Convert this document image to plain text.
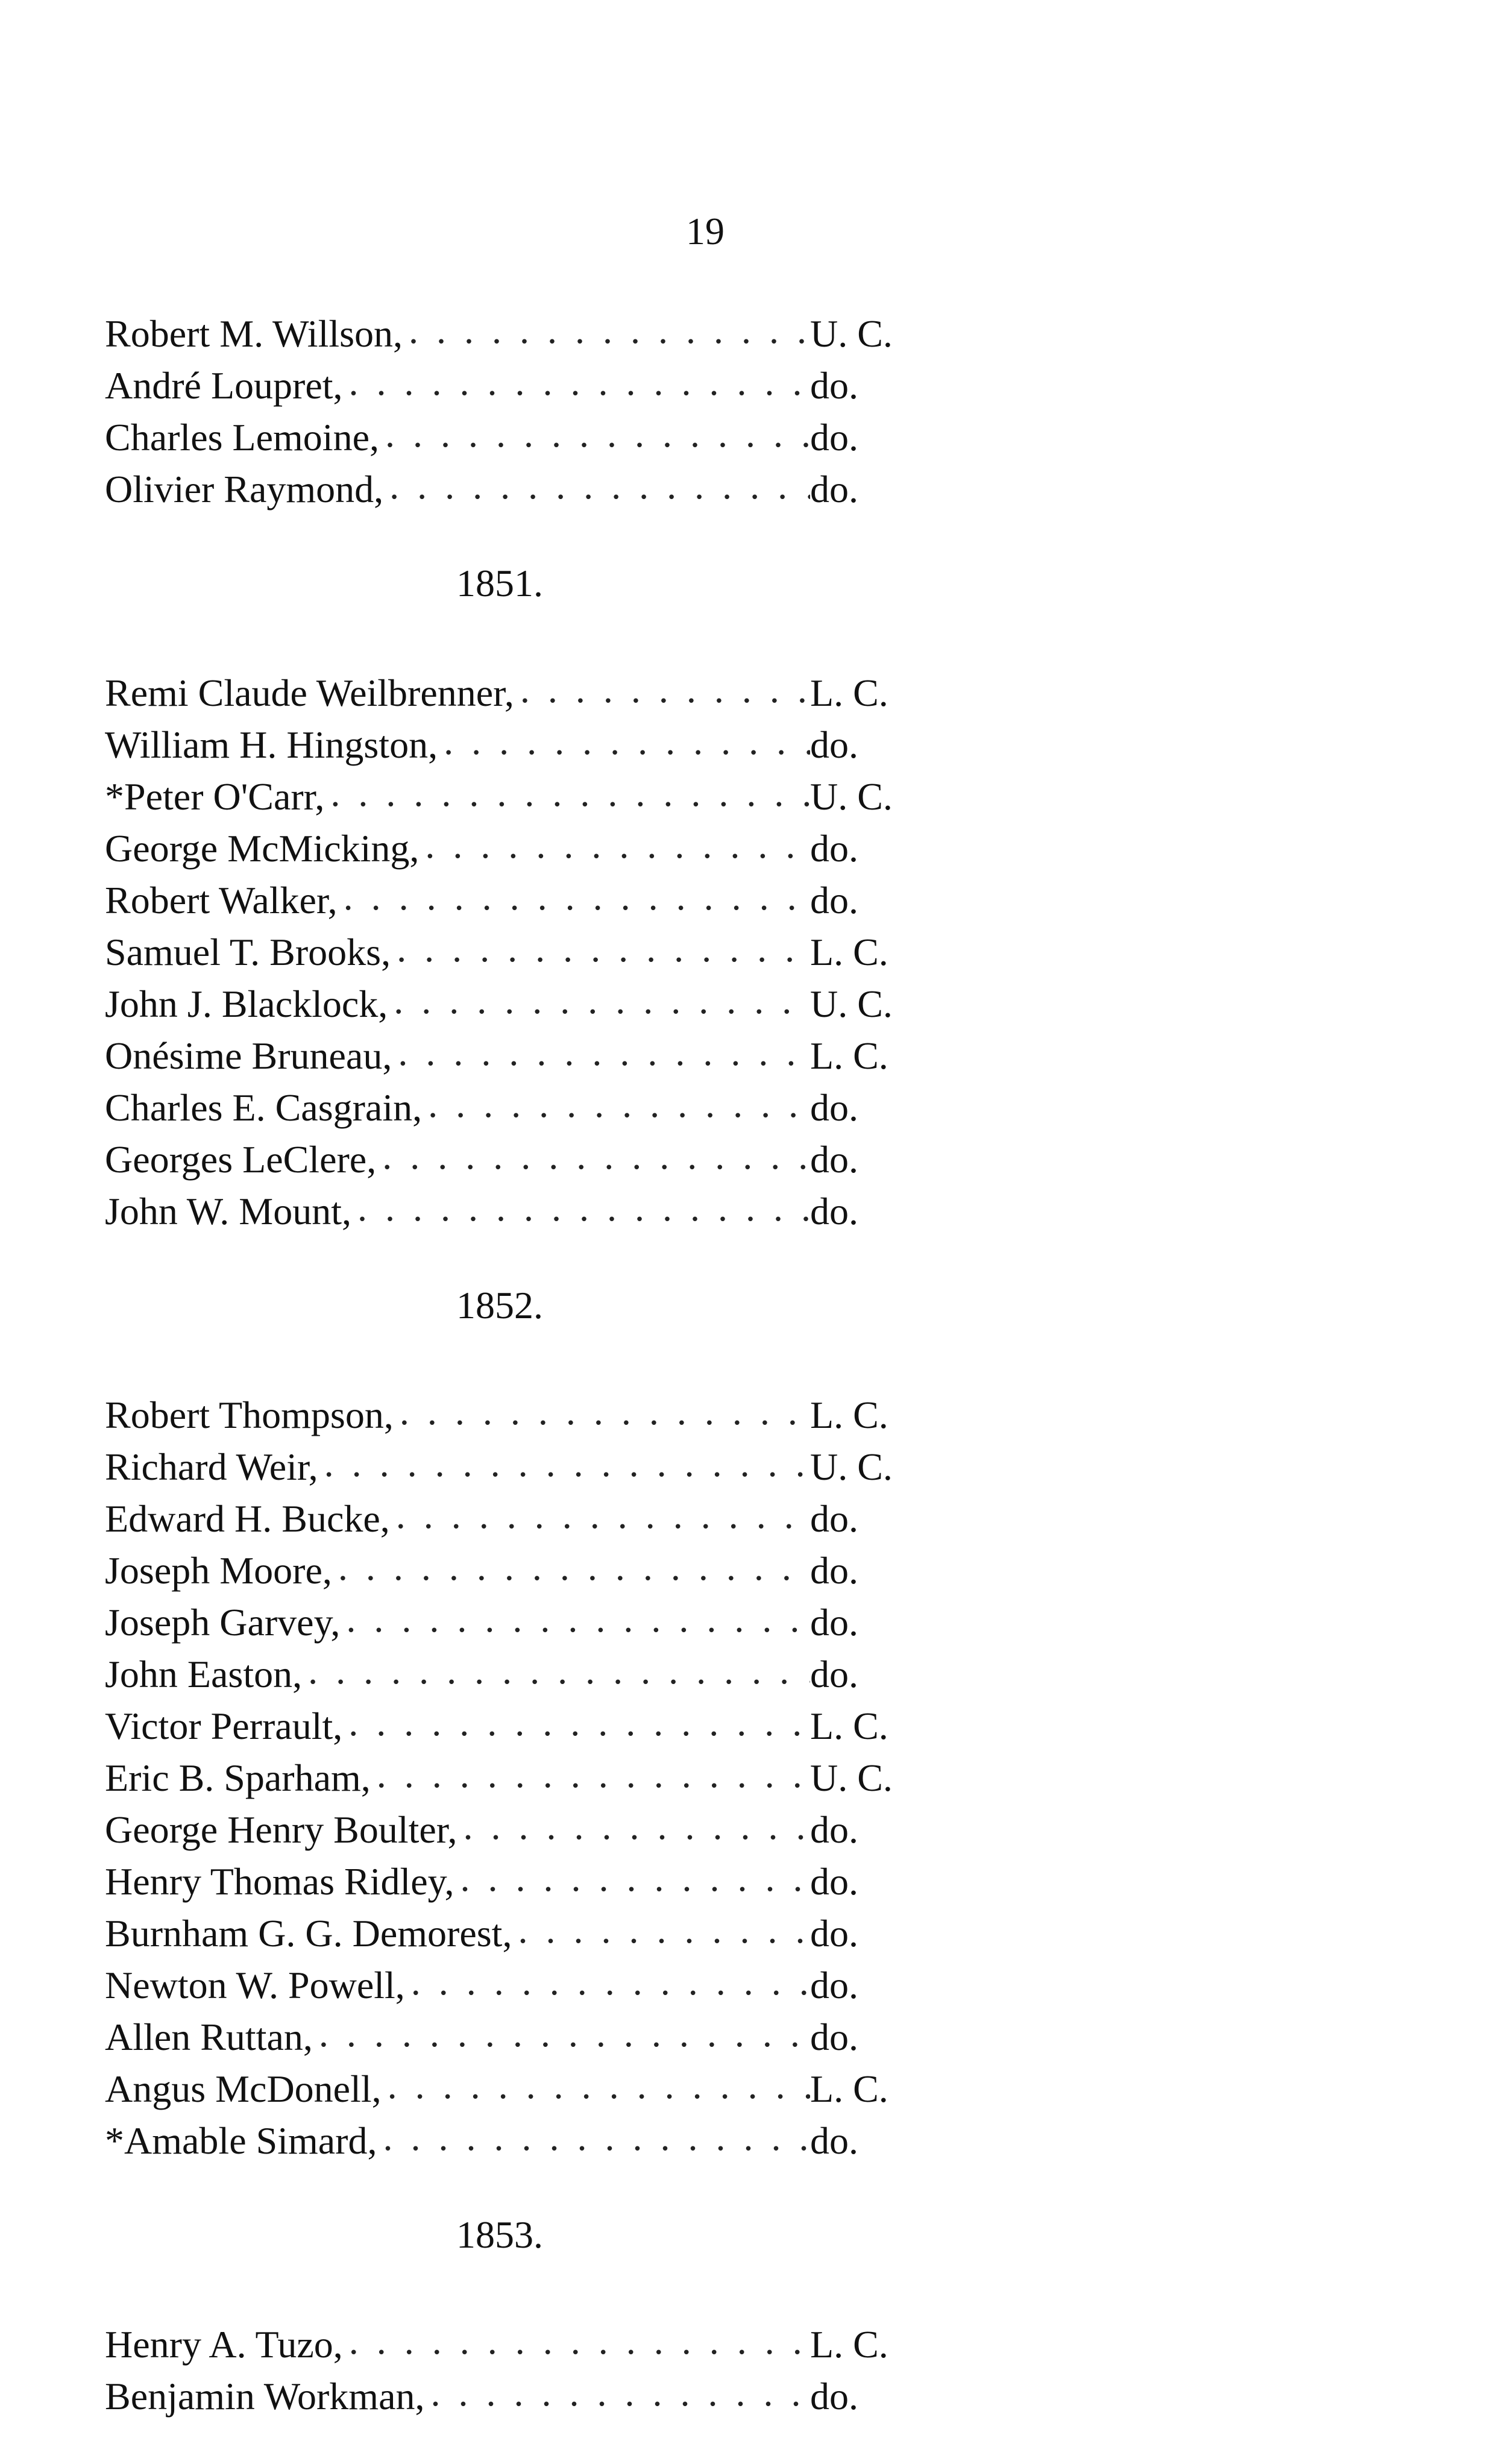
19
Robert M. Willson, . . .	U. C.
André Loupret, . . .	do.
Charles Lemoine, . . .	do.
Olivier Raymond, . . .	do.
1851.
Remi Claude Weilbrenner, . . .	L. C.
William H. Hingston, . . .	do.
*Peter O'Carr, . . .	U. C.
George McMicking, . . .	do.
Robert Walker, . . .	do.
Samuel T. Brooks, . . .	L. C.
John J. Blacklock, . . .	U. C.
Onésime Bruneau, . . .	L. C.
Charles E. Casgrain, . . .	do.
Georges LeClere, . . .	do.
John W. Mount, . . .	do.
1852.
Robert Thompson, . . .	L. C.
Richard Weir, . . .	U. C.
Edward H. Bucke, . . .	do.
Joseph Moore, . . .	do.
Joseph Garvey, . . .	do.
John Easton, . . .	do.
Victor Perrault, . . .	L. C.
Eric B. Sparham, . . .	U. C.
George Henry Boulter, . . .	do.
Henry Thomas Ridley, . . .	do.
Burnham G. G. Demorest, . . .	do.
Newton W. Powell, . . .	do.
Allen Ruttan, . . .	do.
Angus McDonell, . . .	L. C.
*Amable Simard, . . .	do.
1853.
Henry A. Tuzo, . . .	L. C.
Benjamin Workman, . . .	do.
